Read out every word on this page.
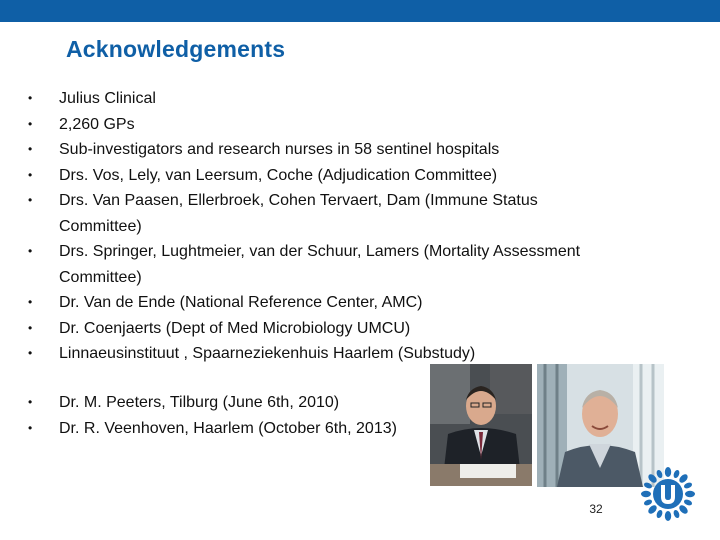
Acknowledgements
•	Julius Clinical
•	2,260 GPs
•	Sub-investigators and research nurses in 58 sentinel hospitals
•	Drs. Vos, Lely, van Leersum, Coche (Adjudication Committee)
•	Drs. Van Paasen, Ellerbroek, Cohen Tervaert, Dam (Immune Status Committee)
•	Drs. Springer, Lughtmeier, van der Schuur, Lamers (Mortality Assessment Committee)
•	Dr. Van de Ende (National Reference Center, AMC)
•	Dr. Coenjaerts (Dept of Med Microbiology UMCU)
•	Linnaeusinstituut , Spaarneziekenhuis Haarlem (Substudy)
•	Dr. M. Peeters, Tilburg (June 6th, 2010)
•	Dr. R. Veenhoven, Haarlem (October 6th, 2013)
32
